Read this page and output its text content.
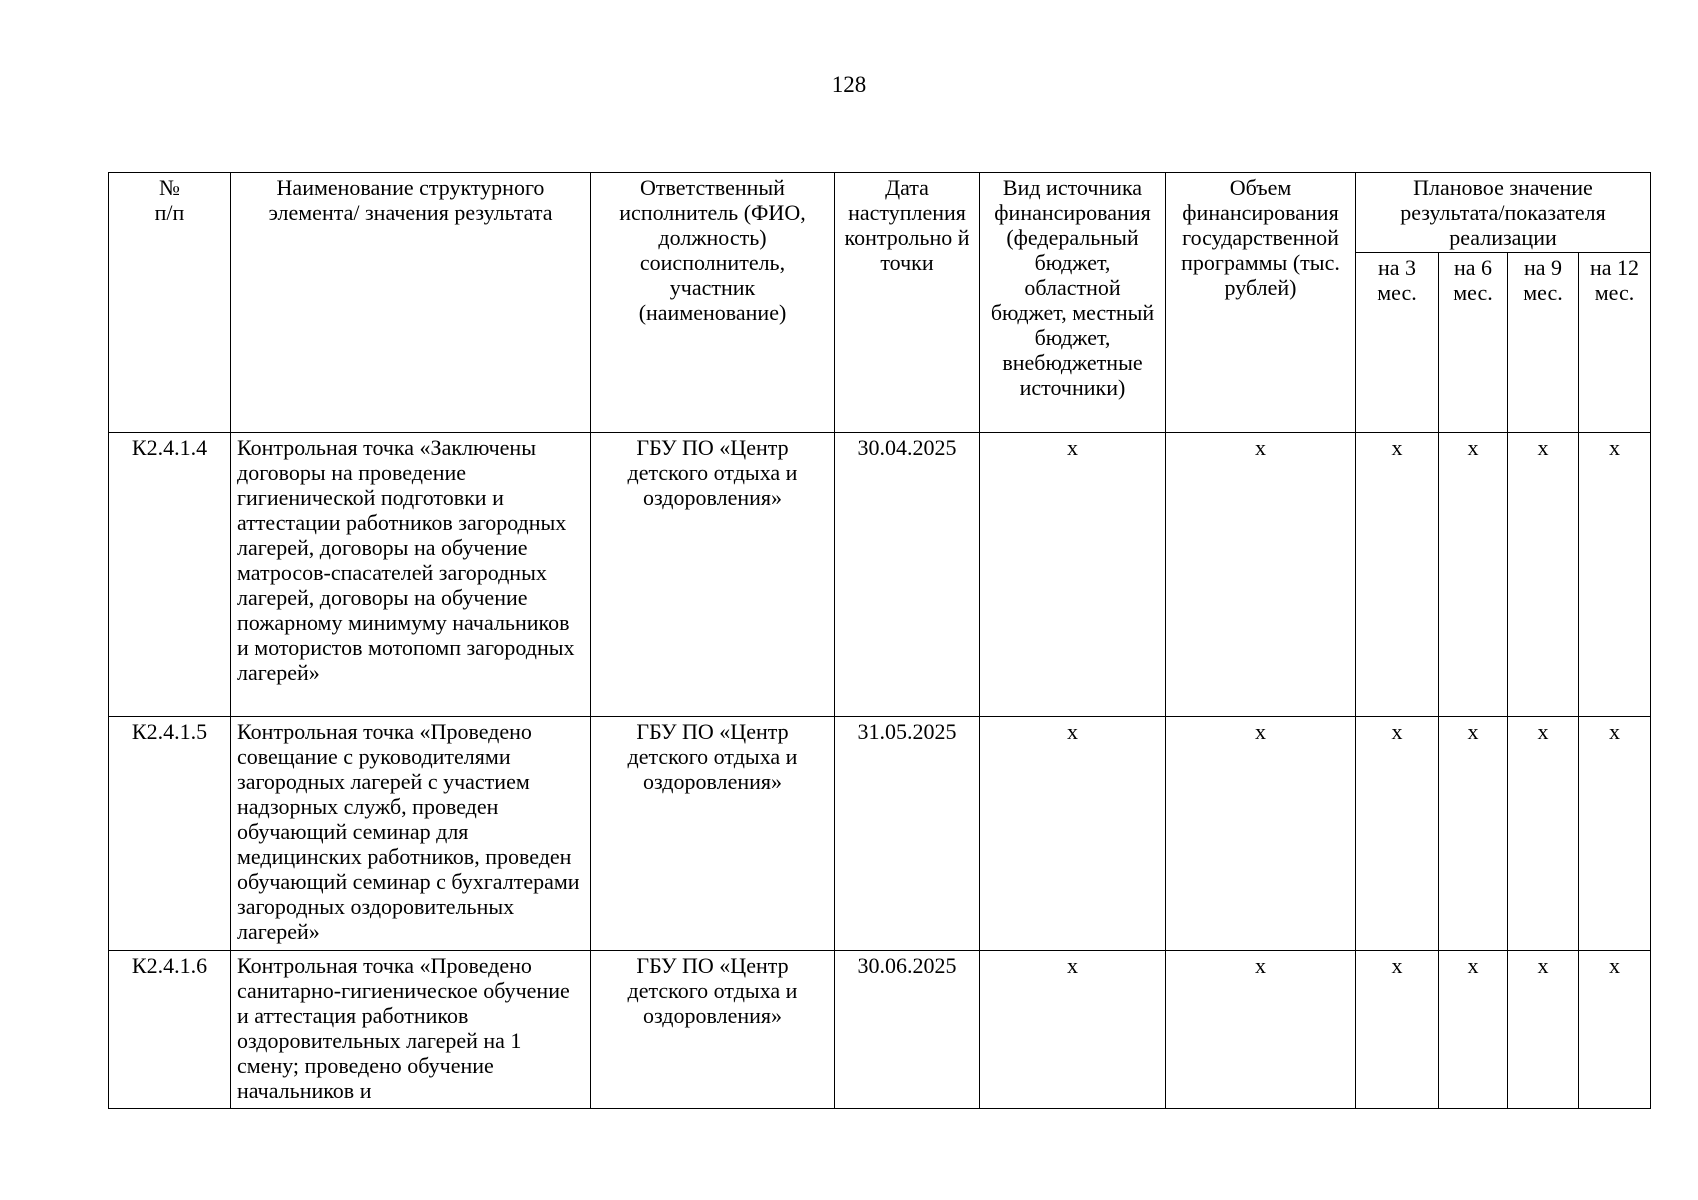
128
№ п/п	Наименование структурного элемента/ значения результата	Ответственный исполнитель (ФИО, должность) соисполнитель, участник (наименование)	Дата наступления контрольно й точки	Вид источника финансирования (федеральный бюджет, областной бюджет, местный бюджет, внебюджетные источники)	Объем финансирования государственной программы (тыс. рублей)	Плановое значение результата/показателя реализации			
						на 3 мес.	на 6 мес.	на 9 мес.	на 12 мес.
К2.4.1.4	Контрольная точка «Заключены договоры на проведение гигиенической подготовки и аттестации работников загородных лагерей, договоры на обучение матросов-спасателей загородных лагерей, договоры на обучение пожарному минимуму начальников и мотористов мотопомп загородных лагерей»	ГБУ ПО «Центр детского отдыха и оздоровления»	30.04.2025	х	х	х	х	х	х
К2.4.1.5	Контрольная точка «Проведено совещание с руководителями загородных лагерей с участием надзорных служб, проведен обучающий семинар для медицинских работников, проведен обучающий семинар с бухгалтерами загородных оздоровительных лагерей»	ГБУ ПО «Центр детского отдыха и оздоровления»	31.05.2025	х	х	х	х	х	х
К2.4.1.6	Контрольная точка «Проведено санитарно-гигиеническое обучение и аттестация работников оздоровительных лагерей на 1 смену; проведено обучение начальников и	ГБУ ПО «Центр детского отдыха и оздоровления»	30.06.2025	х	х	х	х	х	х
